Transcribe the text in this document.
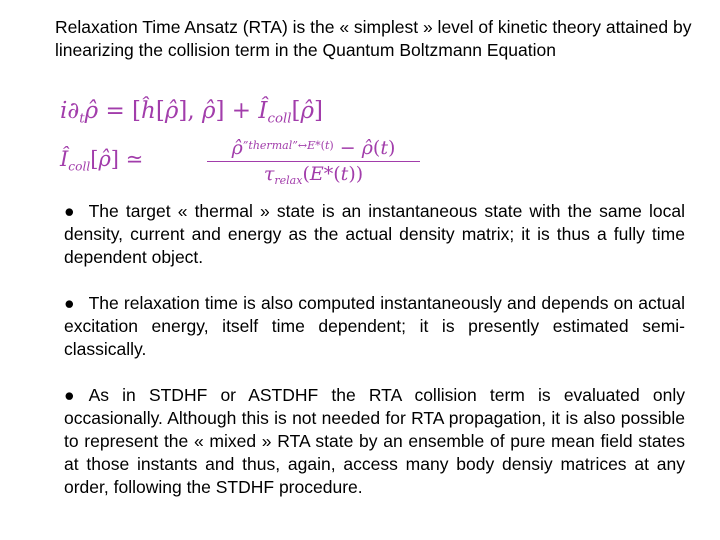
Relaxation Time Ansatz (RTA) is the « simplest » level of kinetic theory attained by linearizing the collision term in the Quantum Boltzmann Equation

$i\partial_t\rhô$ = [ĥ[ρ̂], ρ̂] + $Î_{coll}[\rhô]$
$Î_{coll}[\rhô]$ ≃	ρ̂$^{”thermal”\leftrightarrow E*(t)}$ − ρ̂(t)
$\tau_{relax}(E*(t))$

● The target « thermal » state is an instantaneous state with the same local density, current and energy as the actual density matrix; it is thus a fully time dependent object.

● The relaxation time is also computed instantaneously and depends on actual excitation energy, itself time dependent; it is presently estimated semi-classically.

● As in STDHF or ASTDHF the RTA collision term is evaluated only occasionally. Although this is not needed for RTA propagation, it is also possible to represent the « mixed » RTA state by an ensemble of pure mean field states at those instants and thus, again, access many body densiy matrices at any order, following the STDHF procedure.
